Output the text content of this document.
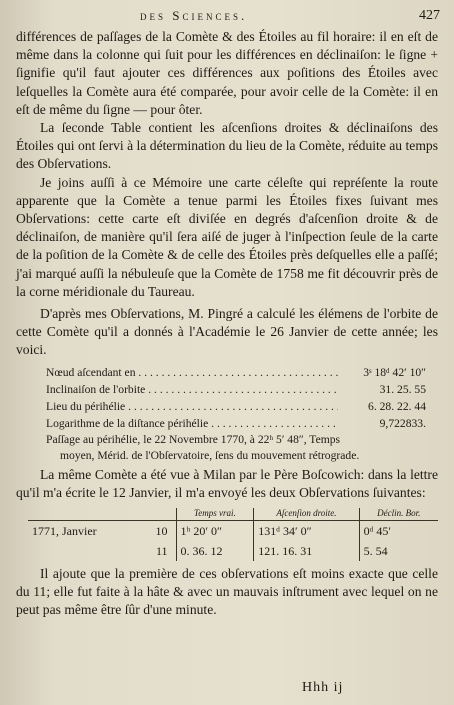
des Sciences.	427

différences de paſſages de la Comète & des Étoiles au fil horaire: il en eſt de même dans la colonne qui ſuit pour les différences en déclinaiſon: le ſigne + ſignifie qu'il faut ajouter ces différences aux poſitions des Étoiles avec leſquelles la Comète aura été comparée, pour avoir celle de la Comète: il en eſt de même du ſigne — pour ôter.

La ſeconde Table contient les aſcenſions droites & déclinaiſons des Étoiles qui ont ſervi à la détermination du lieu de la Comète, réduite au temps des Obſervations.

Je joins auſſi à ce Mémoire une carte céleſte qui repréſente la route apparente que la Comète a tenue parmi les Étoiles fixes ſuivant mes Obſervations: cette carte eſt diviſée en degrés d'aſcenſion droite & de déclinaiſon, de manière qu'il ſera aiſé de juger à l'inſpection ſeule de la carte de la poſition de la Comète & de celle des Étoiles près deſquelles elle a paſſé; j'ai marqué auſſi la nébuleuſe que la Comète de 1758 me fit découvrir près de la corne méridionale du Taureau.

D'après mes Obſervations, M. Pingré a calculé les élémens de l'orbite de cette Comète qu'il a donnés à l'Académie le 26 Janvier de cette année; les voici.

Nœud aſcendant en . . .	3ˢ 18ᵈ 42′ 10″
Inclinaiſon de l'orbite . . .	31. 25. 55
Lieu du périhélie . . .	6. 28. 22. 44
Logarithme de la diſtance périhélie . . .	9,722833.
Paſſage au périhélie, le 22 Novembre 1770, à 22ʰ 5′ 48″, Temps
moyen, Mérid. de l'Obſervatoire, ſens du mouvement rétrograde.

La même Comète a été vue à Milan par le Père Boſcowich: dans la lettre qu'il m'a écrite le 12 Janvier, il m'a envoyé les deux Obſervations ſuivantes:

		Temps vrai.	Aſcenſion droite.	Déclin. Bor.
1771, Janvier	10	1ʰ 20′ 0″	131ᵈ 34′ 0″	0ᵈ 45′
	11	0. 36. 12	121. 16. 31	5. 54

Il ajoute que la première de ces obſervations eſt moins exacte que celle du 11; elle fut faite à la hâte & avec un mauvais inſtrument avec lequel on ne peut pas même être ſûr d'une minute.

Hhh ij
